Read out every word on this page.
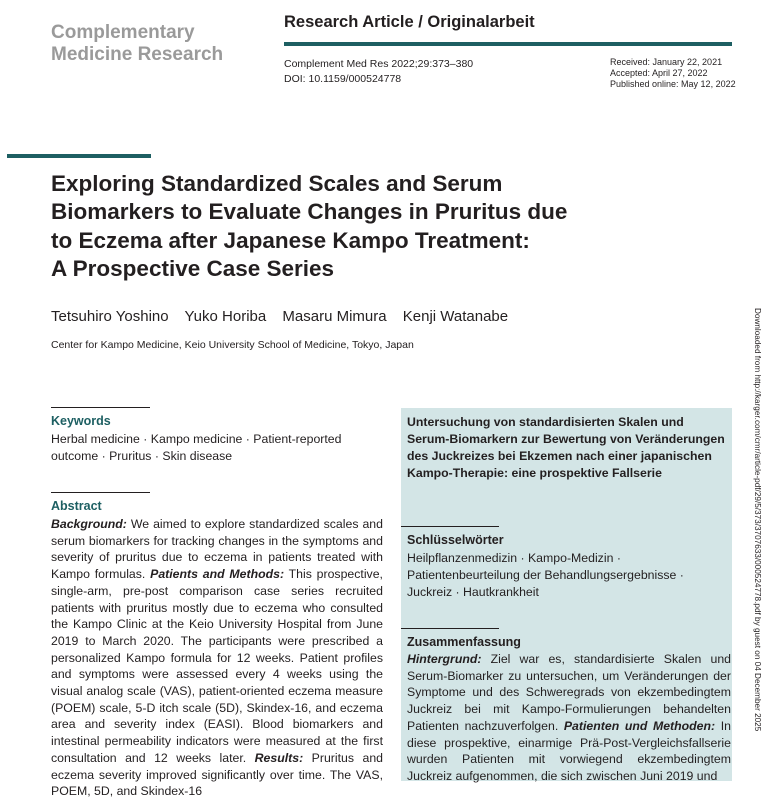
Complementary
Medicine Research
Research Article / Originalarbeit
Complement Med Res 2022;29:373–380
DOI: 10.1159/000524778
Received: January 22, 2021
Accepted: April 27, 2022
Published online: May 12, 2022
Exploring Standardized Scales and Serum
Biomarkers to Evaluate Changes in Pruritus due
to Eczema after Japanese Kampo Treatment:
A Prospective Case Series
Tetsuhiro Yoshino Yuko Horiba Masaru Mimura Kenji Watanabe
Center for Kampo Medicine, Keio University School of Medicine, Tokyo, Japan
Keywords
Herbal medicine · Kampo medicine · Patient-reported outcome · Pruritus · Skin disease
Abstract
Background: We aimed to explore standardized scales and serum biomarkers for tracking changes in the symptoms and severity of pruritus due to eczema in patients treated with Kampo formulas. Patients and Methods: This prospective, single-arm, pre-post comparison case series recruited patients with pruritus mostly due to eczema who consulted the Kampo Clinic at the Keio University Hospital from June 2019 to March 2020. The participants were prescribed a personalized Kampo formula for 12 weeks. Patient profiles and symptoms were assessed every 4 weeks using the visual analog scale (VAS), patient-oriented eczema measure (POEM) scale, 5-D itch scale (5D), Skindex-16, and eczema area and severity index (EASI). Blood biomarkers and intestinal permeability indicators were measured at the first consultation and 12 weeks later. Results: Pruritus and eczema severity improved significantly over time. The VAS, POEM, 5D, and Skindex-16
Untersuchung von standardisierten Skalen und Serum-Biomarkern zur Bewertung von Veränderungen des Juckreizes bei Ekzemen nach einer japanischen Kampo-Therapie: eine prospektive Fallserie
Schlüsselwörter
Heilpflanzenmedizin · Kampo-Medizin · Patientenbeurteilung der Behandlungsergebnisse · Juckreiz · Hautkrankheit
Zusammenfassung
Hintergrund: Ziel war es, standardisierte Skalen und Serum-Biomarker zu untersuchen, um Veränderungen der Symptome und des Schweregrads von ekzembedingtem Juckreiz bei mit Kampo-Formulierungen behandelten Patienten nachzuverfolgen. Patienten und Methoden: In diese prospektive, einarmige Prä-Post-Vergleichsfallserie wurden Patienten mit vorwiegend ekzembedingtem Juckreiz aufgenommen, die sich zwischen Juni 2019 und
Downloaded from http://karger.com/cmr/article-pdf/29/5/373/3707633/000524778.pdf by guest on 04 December 2025
